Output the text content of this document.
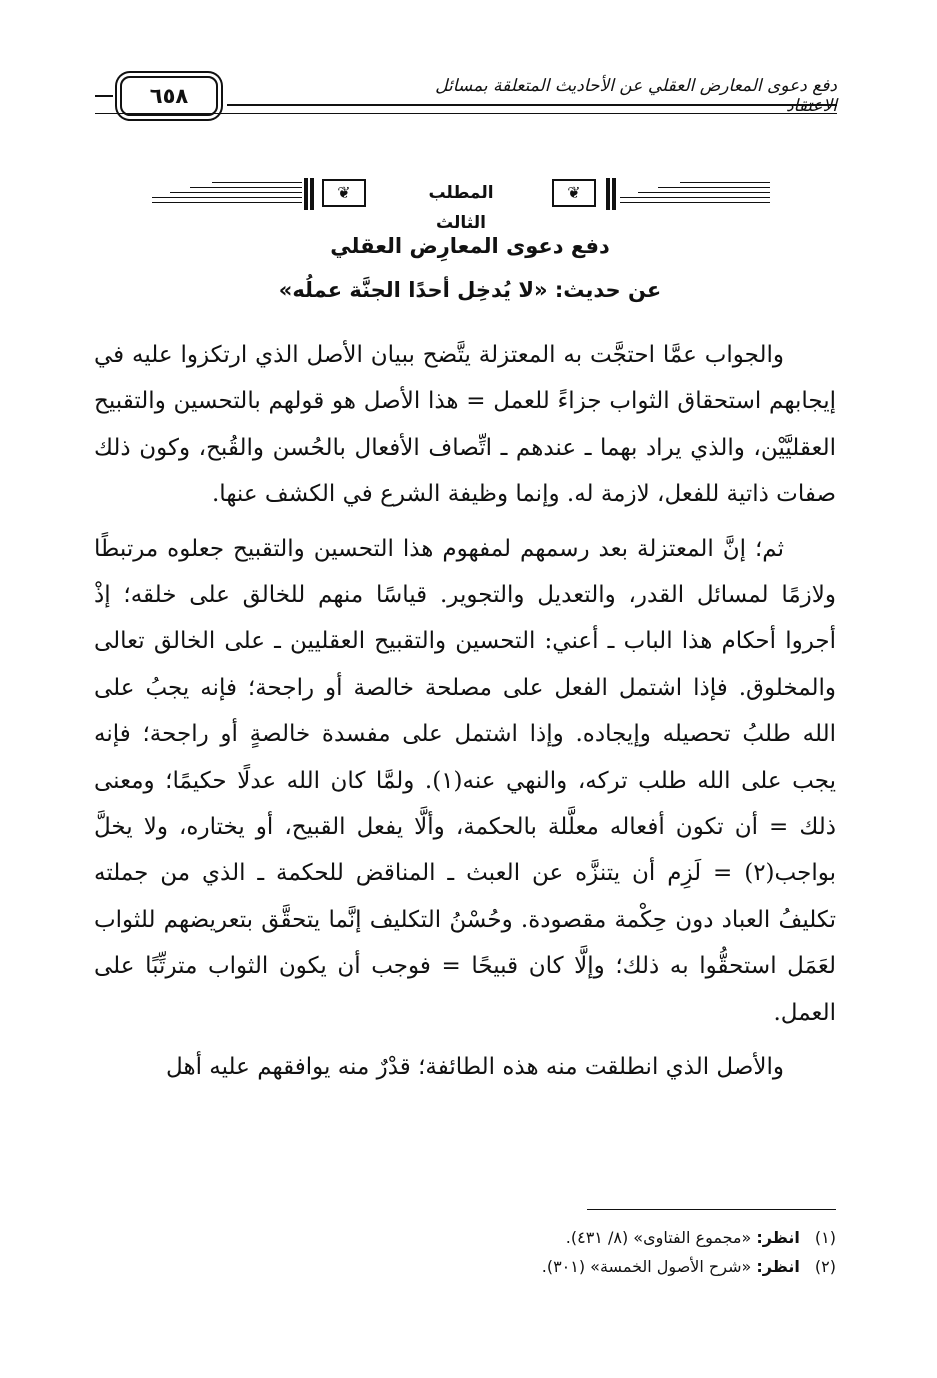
دفع دعوى المعارض العقلي عن الأحاديث المتعلقة بمسائل الاعتقاد
٦٥٨
❦
المطلب الثالث
❦
دفع دعوى المعارِض العقلي
عن حديث: «لا يُدخِل أحدًا الجنَّة عملُه»

والجواب عمَّا احتجَّت به المعتزلة يتَّضح ببيان الأصل الذي ارتكزوا عليه في إيجابهم استحقاق الثواب جزاءً للعمل = هذا الأصل هو قولهم بالتحسين والتقبيح العقليَّيْن، والذي يراد بهما ـ عندهم ـ اتِّصاف الأفعال بالحُسن والقُبح، وكون ذلك صفات ذاتية للفعل، لازمة له. وإنما وظيفة الشرع في الكشف عنها.

ثم؛ إنَّ المعتزلة بعد رسمهم لمفهوم هذا التحسين والتقبيح جعلوه مرتبطًا ولازمًا لمسائل القدر، والتعديل والتجوير. قياسًا منهم للخالق على خلقه؛ إذْ أجروا أحكام هذا الباب ـ أعني: التحسين والتقبيح العقليين ـ على الخالق تعالى والمخلوق. فإذا اشتمل الفعل على مصلحة خالصة أو راجحة؛ فإنه يجبُ على الله طلبُ تحصيله وإيجاده. وإذا اشتمل على مفسدة خالصةٍ أو راجحة؛ فإنه يجب على الله طلب تركه، والنهي عنه(١). ولمَّا كان الله عدلًا حكيمًا؛ ومعنى ذلك = أن تكون أفعاله معلَّلة بالحكمة، وألَّا يفعل القبيح، أو يختاره، ولا يخلَّ بواجب(٢) = لَزِم أن يتنزَّه عن العبث ـ المناقض للحكمة ـ الذي من جملته تكليفُ العباد دون حِكْمة مقصودة. وحُسْنُ التكليف إنَّما يتحقَّق بتعريضهم للثواب لعَمَل استحقُّوا به ذلك؛ وإلَّا كان قبيحًا = فوجب أن يكون الثواب مترتِّبًا على العمل.

والأصل الذي انطلقت منه هذه الطائفة؛ قدْرٌ منه يوافقهم عليه أهل

(١) انظر: «مجموع الفتاوى» (٨/ ٤٣١).
(٢) انظر: «شرح الأصول الخمسة» (٣٠١).
